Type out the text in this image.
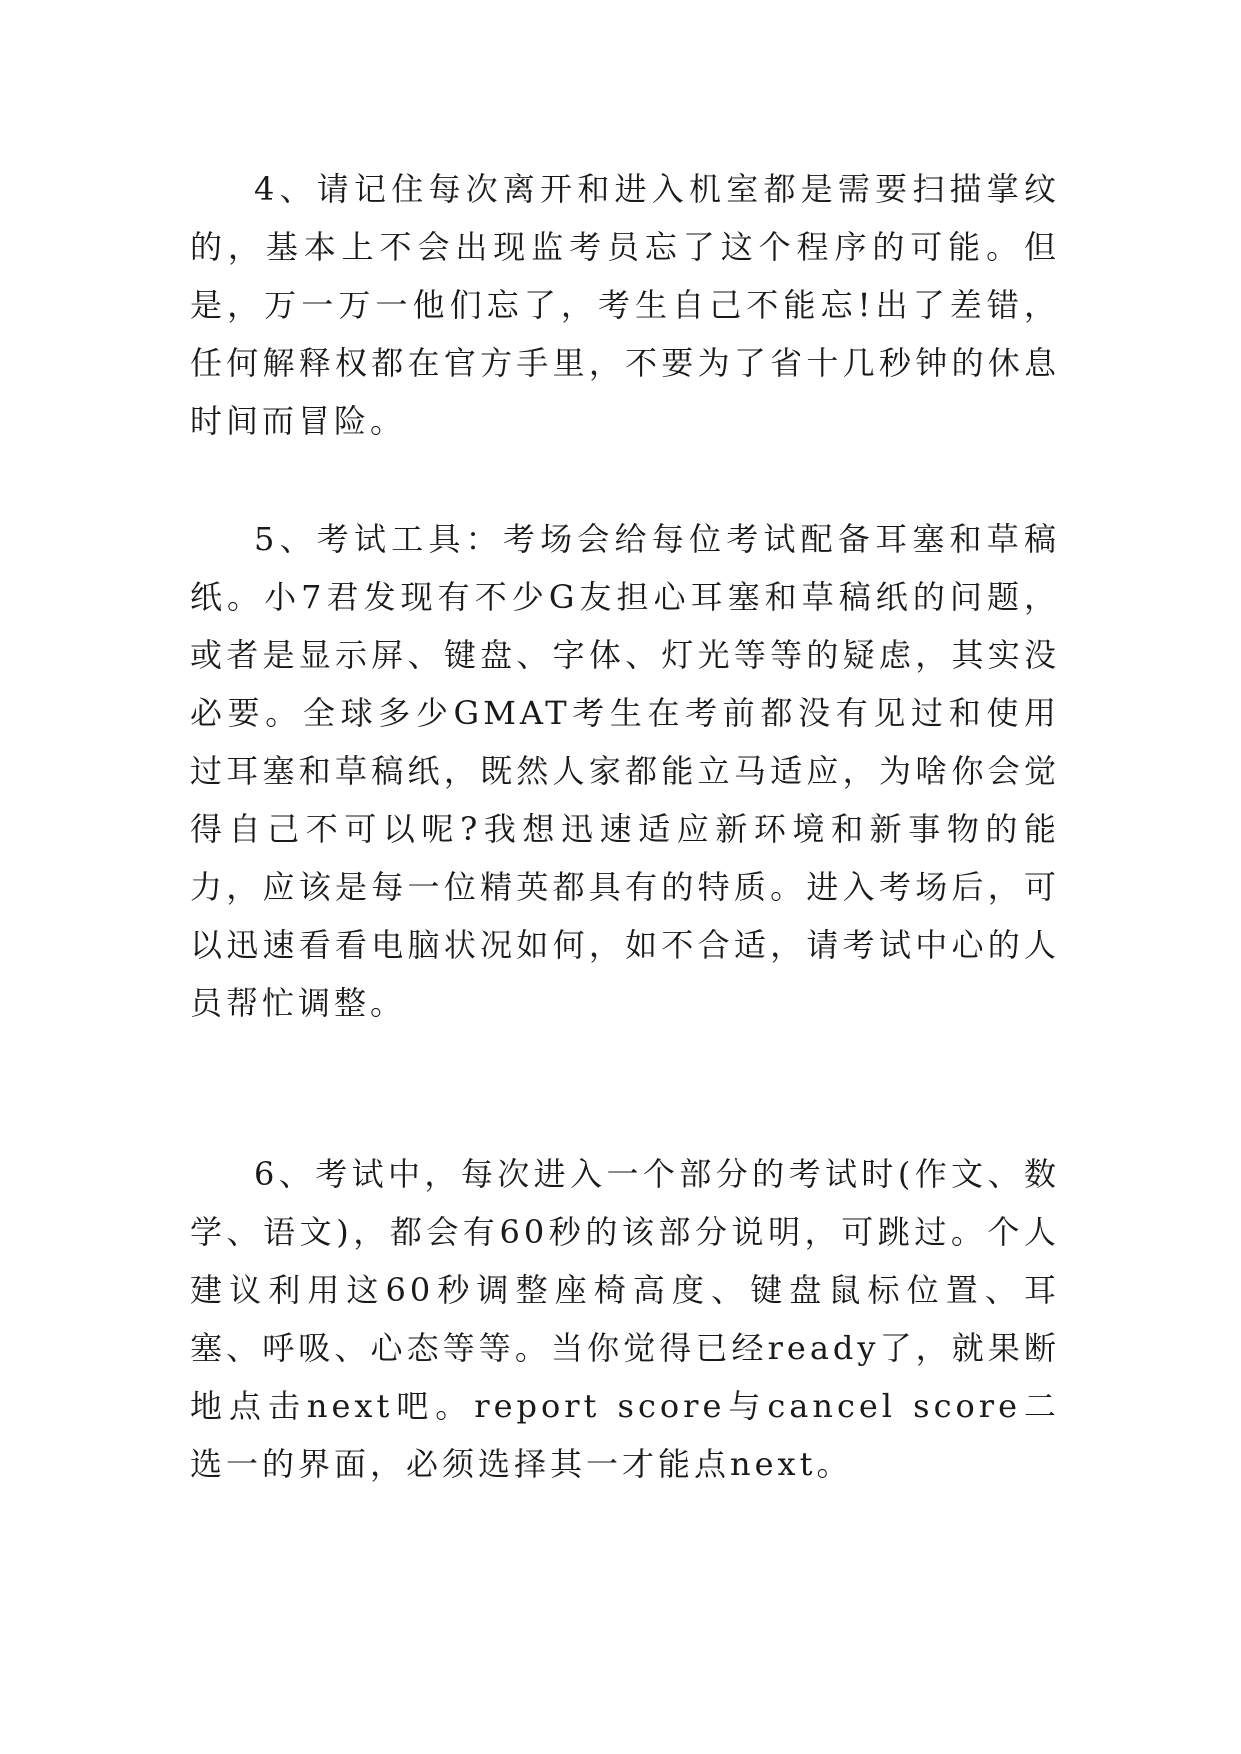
4、请记住每次离开和进入机室都是需要扫描掌纹的，基本上不会出现监考员忘了这个程序的可能。但是，万一万一他们忘了，考生自己不能忘!出了差错，任何解释权都在官方手里，不要为了省十几秒钟的休息时间而冒险。

5、考试工具：考场会给每位考试配备耳塞和草稿纸。小7君发现有不少G友担心耳塞和草稿纸的问题，或者是显示屏、键盘、字体、灯光等等的疑虑，其实没必要。全球多少GMAT考生在考前都没有见过和使用过耳塞和草稿纸，既然人家都能立马适应，为啥你会觉得自己不可以呢?我想迅速适应新环境和新事物的能力，应该是每一位精英都具有的特质。进入考场后，可以迅速看看电脑状况如何，如不合适，请考试中心的人员帮忙调整。

6、考试中，每次进入一个部分的考试时(作文、数学、语文)，都会有60秒的该部分说明，可跳过。个人建议利用这60秒调整座椅高度、键盘鼠标位置、耳塞、呼吸、心态等等。当你觉得已经ready了，就果断地点击next吧。report score与cancel score二选一的界面，必须选择其一才能点next。
